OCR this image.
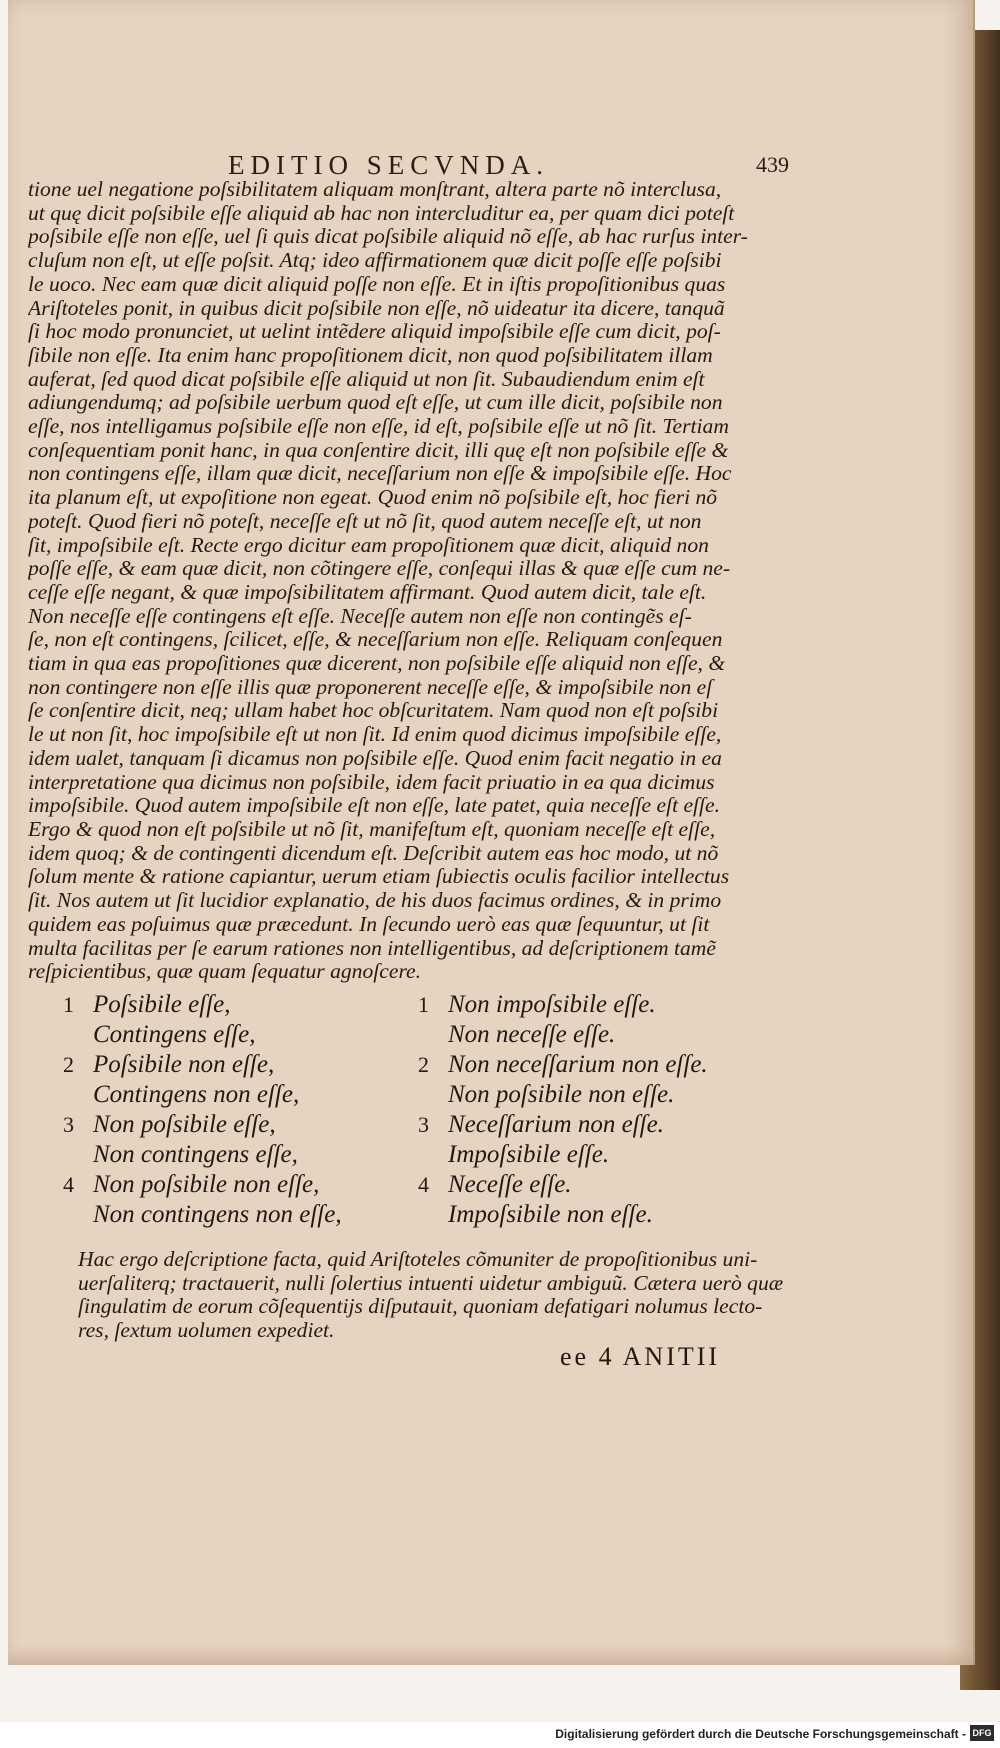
EDITIO SECVNDA.	439
tione uel negatione poſsibilitatem aliquam monſtrant, altera parte nõ interclusa,
ut quę dicit poſsibile eſſe aliquid ab hac non intercluditur ea, per quam dici poteſt
poſsibile eſſe non eſſe, uel ſi quis dicat poſsibile aliquid nõ eſſe, ab hac rurſus inter-
cluſum non eſt, ut eſſe poſsit. Atq; ideo affirmationem quæ dicit poſſe eſſe poſsibi
le uoco. Nec eam quæ dicit aliquid poſſe non eſſe. Et in iſtis propoſitionibus quas
Ariſtoteles ponit, in quibus dicit poſsibile non eſſe, nõ uideatur ita dicere, tanquã
ſi hoc modo pronunciet, ut uelint intẽdere aliquid impoſsibile eſſe cum dicit, poſ-
ſibile non eſſe. Ita enim hanc propoſitionem dicit, non quod poſsibilitatem illam
auferat, ſed quod dicat poſsibile eſſe aliquid ut non ſit. Subaudiendum enim eſt
adiungendumq; ad poſsibile uerbum quod eſt eſſe, ut cum ille dicit, poſsibile non
eſſe, nos intelligamus poſsibile eſſe non eſſe, id eſt, poſsibile eſſe ut nõ ſit. Tertiam
conſequentiam ponit hanc, in qua conſentire dicit, illi quę eſt non poſsibile eſſe &
non contingens eſſe, illam quæ dicit, neceſſarium non eſſe & impoſsibile eſſe. Hoc
ita planum eſt, ut expoſitione non egeat. Quod enim nõ poſsibile eſt, hoc fieri nõ
poteſt. Quod fieri nõ poteſt, neceſſe eſt ut nõ ſit, quod autem neceſſe eſt, ut non
ſit, impoſsibile eſt. Recte ergo dicitur eam propoſitionem quæ dicit, aliquid non
poſſe eſſe, & eam quæ dicit, non cõtingere eſſe, conſequi illas & quæ eſſe cum ne-
ceſſe eſſe negant, & quæ impoſsibilitatem affirmant. Quod autem dicit, tale eſt.
Non neceſſe eſſe contingens eſt eſſe. Neceſſe autem non eſſe non contingẽs eſ-
ſe, non eſt contingens, ſcilicet, eſſe, & neceſſarium non eſſe. Reliquam conſequen
tiam in qua eas propoſitiones quæ dicerent, non poſsibile eſſe aliquid non eſſe, &
non contingere non eſſe illis quæ proponerent neceſſe eſſe, & impoſsibile non eſ
ſe conſentire dicit, neq; ullam habet hoc obſcuritatem. Nam quod non eſt poſsibi
le ut non ſit, hoc impoſsibile eſt ut non ſit. Id enim quod dicimus impoſsibile eſſe,
idem ualet, tanquam ſi dicamus non poſsibile eſſe. Quod enim facit negatio in ea
interpretatione qua dicimus non poſsibile, idem facit priuatio in ea qua dicimus
impoſsibile. Quod autem impoſsibile eſt non eſſe, late patet, quia neceſſe eſt eſſe.
Ergo & quod non eſt poſsibile ut nõ ſit, manifeſtum eſt, quoniam neceſſe eſt eſſe,
idem quoq; & de contingenti dicendum eſt. Deſcribit autem eas hoc modo, ut nõ
ſolum mente & ratione capiantur, uerum etiam ſubiectis oculis facilior intellectus
ſit. Nos autem ut ſit lucidior explanatio, de his duos facimus ordines, & in primo
quidem eas poſuimus quæ præcedunt. In ſecundo uerò eas quæ ſequuntur, ut ſit
multa facilitas per ſe earum rationes non intelligentibus, ad deſcriptionem tamẽ
reſpicientibus, quæ quam ſequatur agnoſcere.
1 Poſsibile eſſe,
Contingens eſſe,
2 Poſsibile non eſſe,
Contingens non eſſe,
3 Non poſsibile eſſe,
Non contingens eſſe,
4 Non poſsibile non eſſe,
Non contingens non eſſe,
1 Non impoſsibile eſſe.
Non neceſſe eſſe.
2 Non neceſſarium non eſſe.
Non poſsibile non eſſe.
3 Neceſſarium non eſſe.
Impoſsibile eſſe.
4 Neceſſe eſſe.
Impoſsibile non eſſe.
Hac ergo deſcriptione facta, quid Ariſtoteles cõmuniter de propoſitionibus uni-
uerſaliterq; tractauerit, nulli ſolertius intuenti uidetur ambiguũ. Cætera uerò quæ
ſingulatim de eorum cõſequentijs diſputauit, quoniam defatigari nolumus lecto-
res, ſextum uolumen expediet.
ee 4 ANITII
Digitalisierung gefördert durch die Deutsche Forschungsgemeinschaft - DFG
